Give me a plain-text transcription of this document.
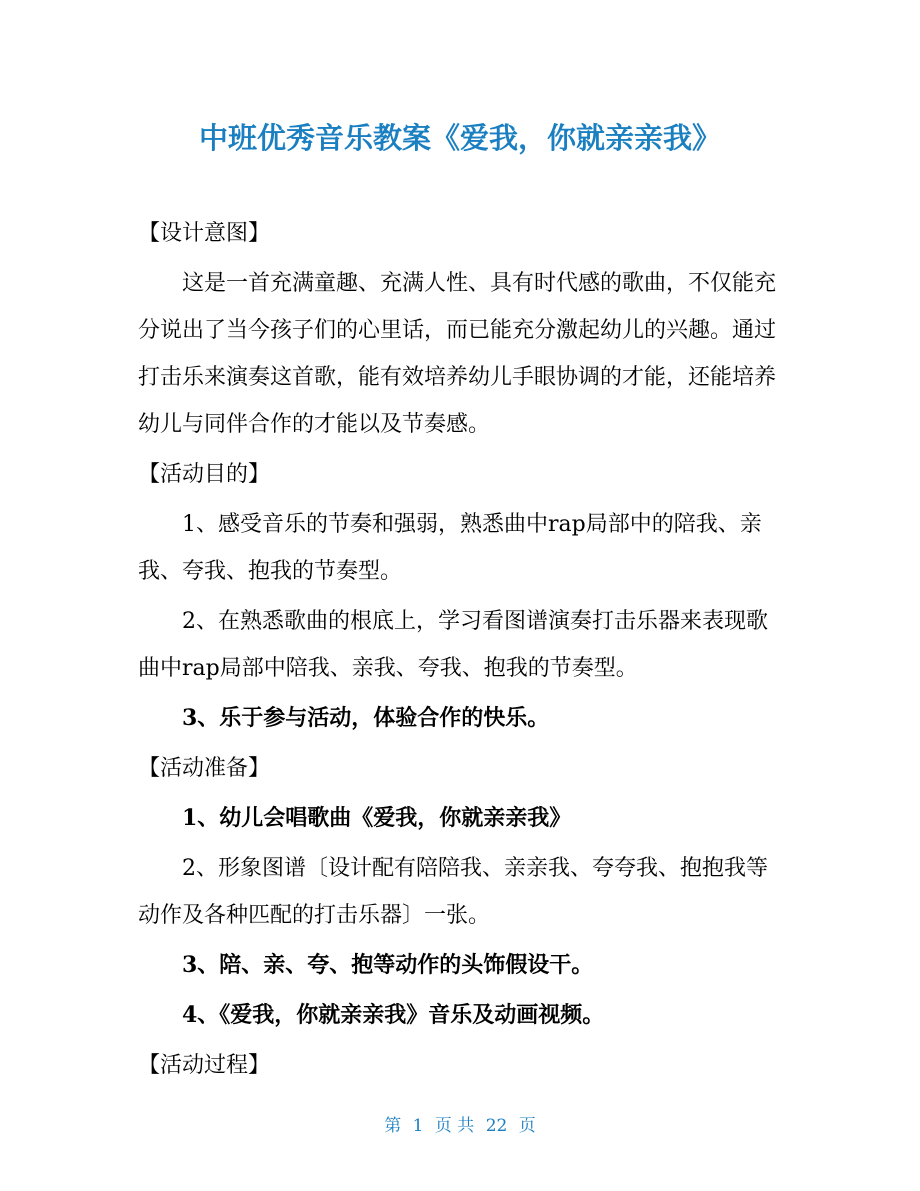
中班优秀音乐教案《爱我，你就亲亲我》

【设计意图】

这是一首充满童趣、充满人性、具有时代感的歌曲，不仅能充分说出了当今孩子们的心里话，而已能充分激起幼儿的兴趣。通过打击乐来演奏这首歌，能有效培养幼儿手眼协调的才能，还能培养幼儿与同伴合作的才能以及节奏感。

【活动目的】

1、感受音乐的节奏和强弱，熟悉曲中rap局部中的陪我、亲我、夸我、抱我的节奏型。

2、在熟悉歌曲的根底上，学习看图谱演奏打击乐器来表现歌曲中rap局部中陪我、亲我、夸我、抱我的节奏型。

3、乐于参与活动，体验合作的快乐。

【活动准备】

1、幼儿会唱歌曲《爱我，你就亲亲我》

2、形象图谱〔设计配有陪陪我、亲亲我、夸夸我、抱抱我等动作及各种匹配的打击乐器〕一张。

3、陪、亲、夸、抱等动作的头饰假设干。

4、《爱我，你就亲亲我》音乐及动画视频。

【活动过程】

第 1 页 共 22 页
